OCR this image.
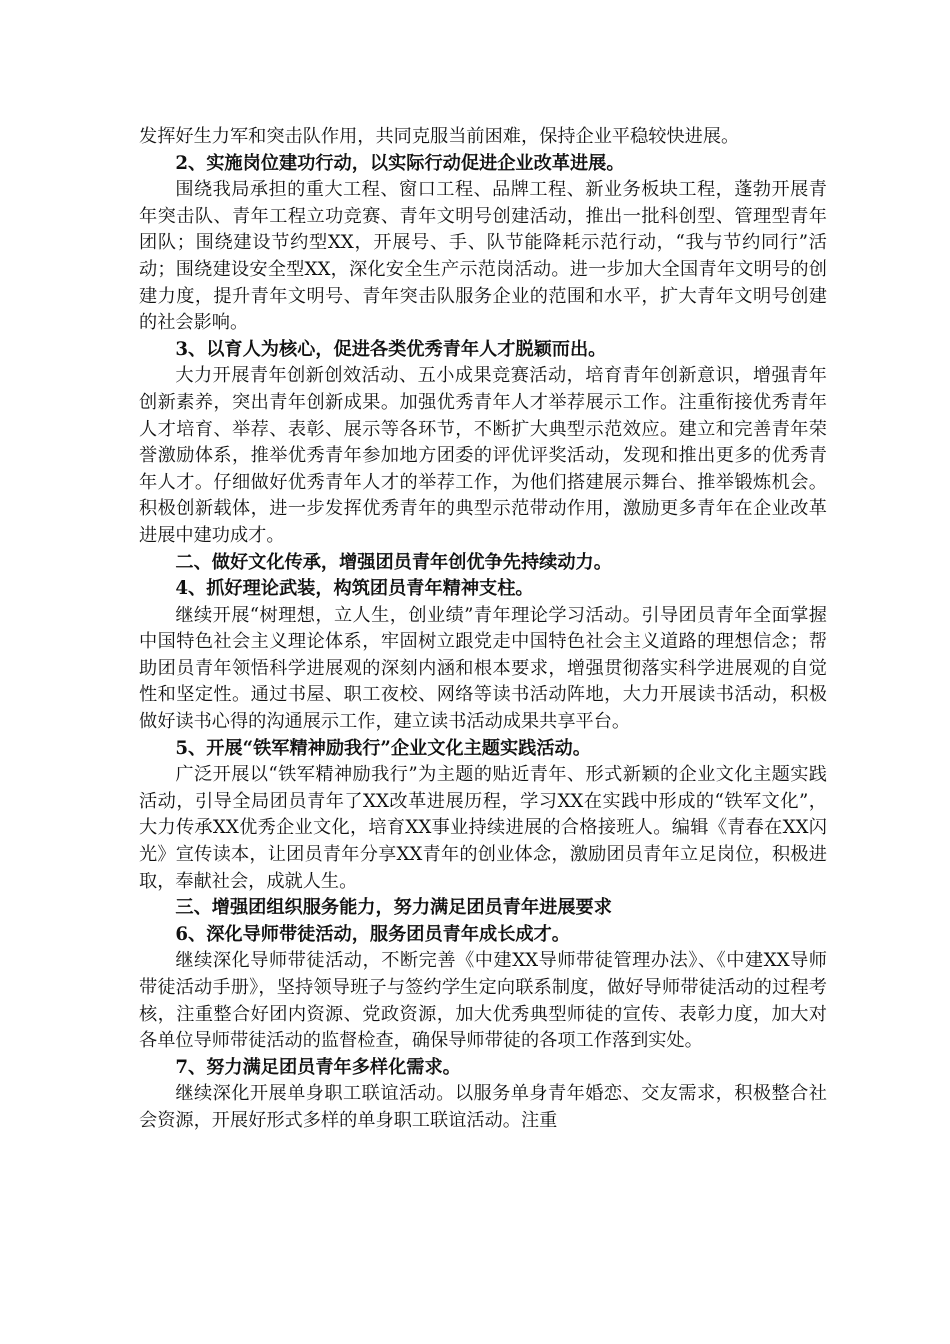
发挥好生力军和突击队作用，共同克服当前困难，保持企业平稳较快进展。

2、实施岗位建功行动，以实际行动促进企业改革进展。

围绕我局承担的重大工程、窗口工程、品牌工程、新业务板块工程，蓬勃开展青年突击队、青年工程立功竞赛、青年文明号创建活动，推出一批科创型、管理型青年团队；围绕建设节约型XX，开展号、手、队节能降耗示范行动，“我与节约同行”活动；围绕建设安全型XX，深化安全生产示范岗活动。进一步加大全国青年文明号的创建力度，提升青年文明号、青年突击队服务企业的范围和水平，扩大青年文明号创建的社会影响。

3、以育人为核心，促进各类优秀青年人才脱颖而出。

大力开展青年创新创效活动、五小成果竞赛活动，培育青年创新意识，增强青年创新素养，突出青年创新成果。加强优秀青年人才举荐展示工作。注重衔接优秀青年人才培育、举荐、表彰、展示等各环节，不断扩大典型示范效应。建立和完善青年荣誉激励体系，推举优秀青年参加地方团委的评优评奖活动，发现和推出更多的优秀青年人才。仔细做好优秀青年人才的举荐工作，为他们搭建展示舞台、推举锻炼机会。积极创新载体，进一步发挥优秀青年的典型示范带动作用，激励更多青年在企业改革进展中建功成才。

二、做好文化传承，增强团员青年创优争先持续动力。

4、抓好理论武装，构筑团员青年精神支柱。

继续开展“树理想，立人生，创业绩”青年理论学习活动。引导团员青年全面掌握中国特色社会主义理论体系，牢固树立跟党走中国特色社会主义道路的理想信念；帮助团员青年领悟科学进展观的深刻内涵和根本要求，增强贯彻落实科学进展观的自觉性和坚定性。通过书屋、职工夜校、网络等读书活动阵地，大力开展读书活动，积极做好读书心得的沟通展示工作，建立读书活动成果共享平台。

5、开展“铁军精神励我行”企业文化主题实践活动。

广泛开展以“铁军精神励我行”为主题的贴近青年、形式新颖的企业文化主题实践活动，引导全局团员青年了XX改革进展历程，学习XX在实践中形成的“铁军文化”，大力传承XX优秀企业文化，培育XX事业持续进展的合格接班人。编辑《青春在XX闪光》宣传读本，让团员青年分享XX青年的创业体念，激励团员青年立足岗位，积极进取，奉献社会，成就人生。

三、增强团组织服务能力，努力满足团员青年进展要求

6、深化导师带徒活动，服务团员青年成长成才。

继续深化导师带徒活动，不断完善《中建XX导师带徒管理办法》、《中建XX导师带徒活动手册》，坚持领导班子与签约学生定向联系制度，做好导师带徒活动的过程考核，注重整合好团内资源、党政资源，加大优秀典型师徒的宣传、表彰力度，加大对各单位导师带徒活动的监督检查，确保导师带徒的各项工作落到实处。

7、努力满足团员青年多样化需求。

继续深化开展单身职工联谊活动。以服务单身青年婚恋、交友需求，积极整合社会资源，开展好形式多样的单身职工联谊活动。注重
